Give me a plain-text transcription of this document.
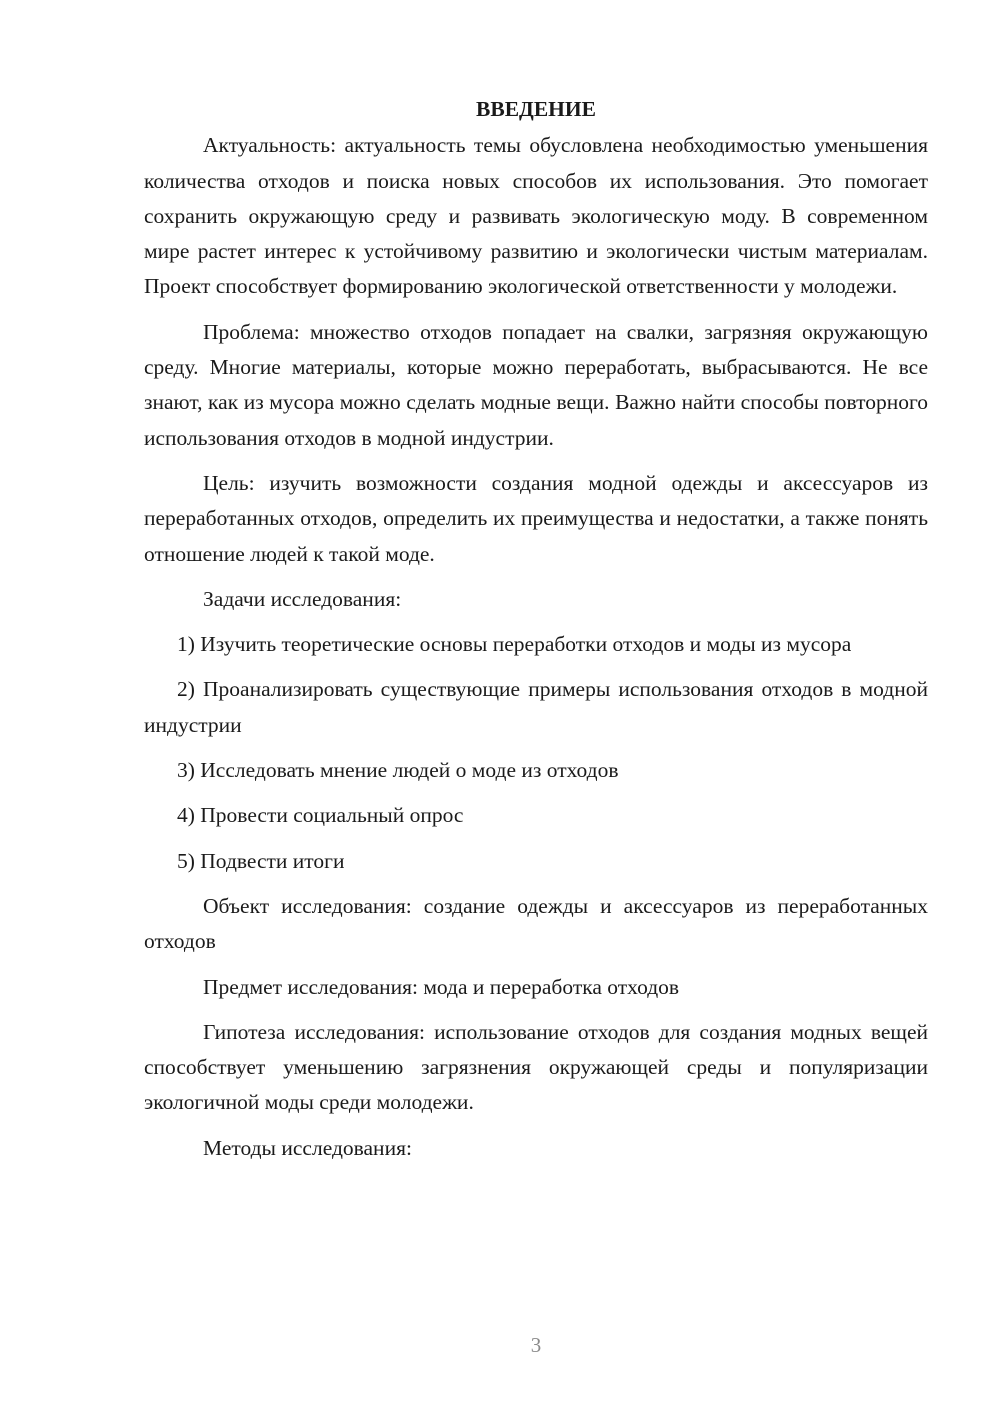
ВВЕДЕНИЕ

Актуальность: актуальность темы обусловлена необходимостью уменьшения количества отходов и поиска новых способов их использования. Это помогает сохранить окружающую среду и развивать экологическую моду. В современном мире растет интерес к устойчивому развитию и экологически чистым материалам. Проект способствует формированию экологической ответственности у молодежи.

Проблема: множество отходов попадает на свалки, загрязняя окружающую среду. Многие материалы, которые можно переработать, выбрасываются. Не все знают, как из мусора можно сделать модные вещи. Важно найти способы повторного использования отходов в модной индустрии.

Цель: изучить возможности создания модной одежды и аксессуаров из переработанных отходов, определить их преимущества и недостатки, а также понять отношение людей к такой моде.

Задачи исследования:

1) Изучить теоретические основы переработки отходов и моды из мусора

2) Проанализировать существующие примеры использования отходов в модной индустрии

3) Исследовать мнение людей о моде из отходов

4) Провести социальный опрос

5) Подвести итоги

Объект исследования: создание одежды и аксессуаров из переработанных отходов

Предмет исследования: мода и переработка отходов

Гипотеза исследования: использование отходов для создания модных вещей способствует уменьшению загрязнения окружающей среды и популяризации экологичной моды среди молодежи.

Методы исследования:

3
